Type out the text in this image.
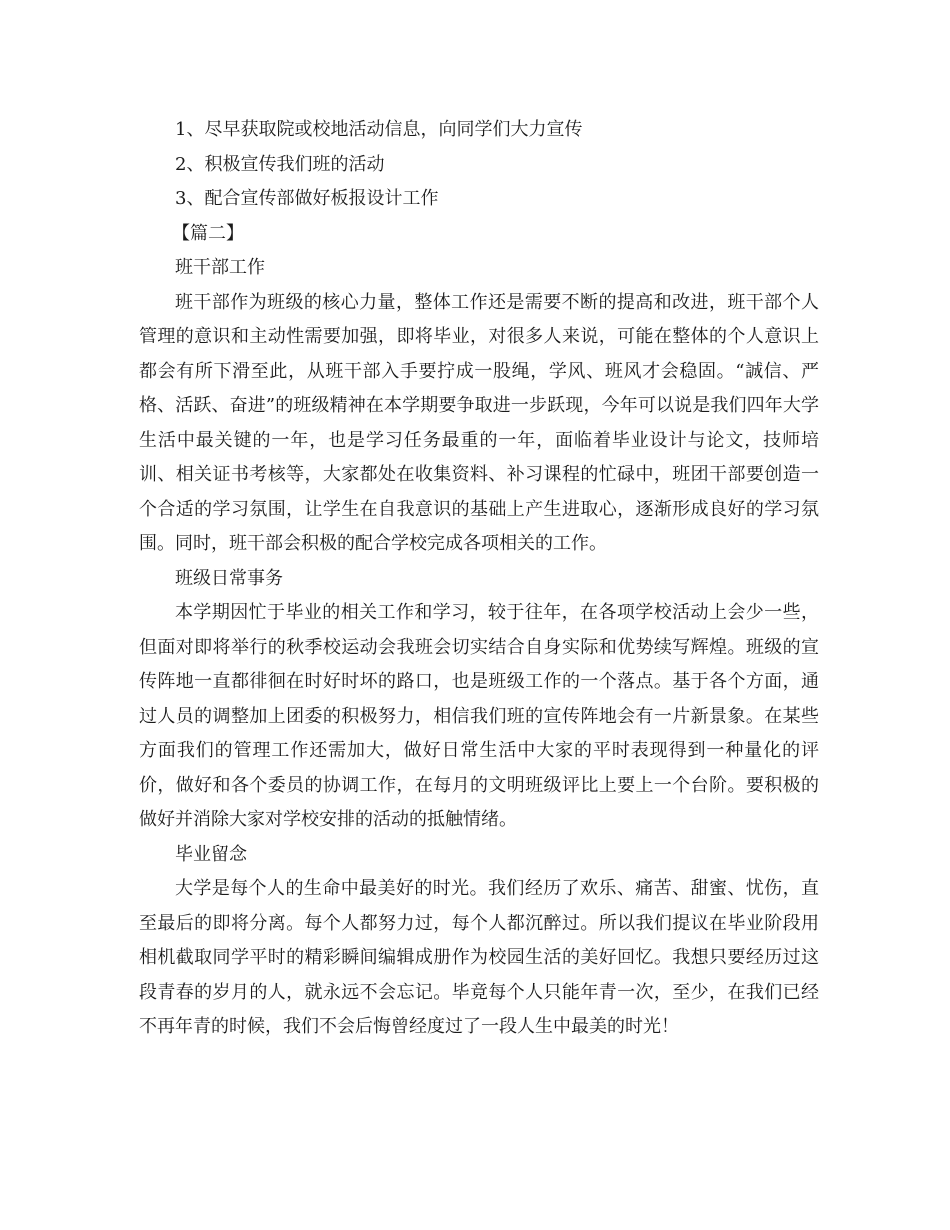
1、尽早获取院或校地活动信息，向同学们大力宣传
2、积极宣传我们班的活动
3、配合宣传部做好板报设计工作
【篇二】
班干部工作

班干部作为班级的核心力量，整体工作还是需要不断的提高和改进，班干部个人管理的意识和主动性需要加强，即将毕业，对很多人来说，可能在整体的个人意识上都会有所下滑至此，从班干部入手要拧成一股绳，学风、班风才会稳固。“誠信、严格、活跃、奋进”的班级精神在本学期要争取进一步跃现，今年可以说是我们四年大学生活中最关键的一年，也是学习任务最重的一年，面临着毕业设计与论文，技师培训、相关证书考核等，大家都处在收集资料、补习课程的忙碌中，班团干部要创造一个合适的学习氛围，让学生在自我意识的基础上产生进取心，逐渐形成良好的学习氛围。同时，班干部会积极的配合学校完成各项相关的工作。

班级日常事务

本学期因忙于毕业的相关工作和学习，较于往年，在各项学校活动上会少一些，但面对即将举行的秋季校运动会我班会切实结合自身实际和优势续写辉煌。班级的宣传阵地一直都徘徊在时好时坏的路口，也是班级工作的一个落点。基于各个方面，通过人员的调整加上团委的积极努力，相信我们班的宣传阵地会有一片新景象。在某些方面我们的管理工作还需加大，做好日常生活中大家的平时表现得到一种量化的评价，做好和各个委员的协调工作，在每月的文明班级评比上要上一个台阶。要积极的做好并消除大家对学校安排的活动的抵触情绪。

毕业留念

大学是每个人的生命中最美好的时光。我们经历了欢乐、痛苦、甜蜜、忧伤，直至最后的即将分离。每个人都努力过，每个人都沉醉过。所以我们提议在毕业阶段用相机截取同学平时的精彩瞬间编辑成册作为校园生活的美好回忆。我想只要经历过这段青春的岁月的人，就永远不会忘记。毕竟每个人只能年青一次，至少，在我们已经不再年青的时候，我们不会后悔曾经度过了一段人生中最美的时光！
